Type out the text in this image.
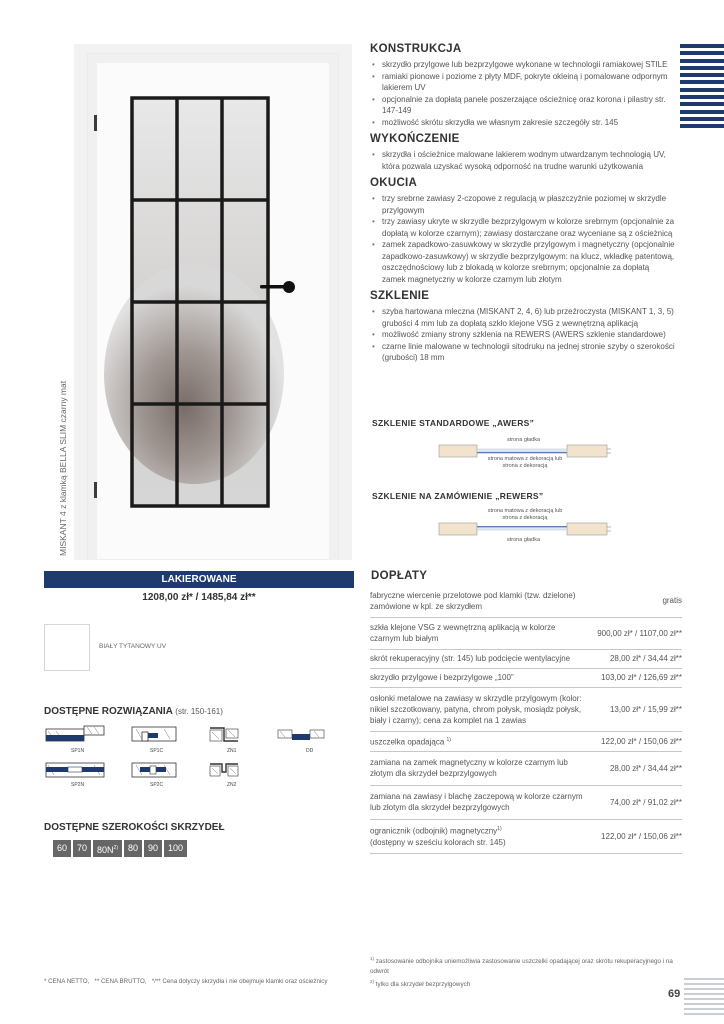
MISKANT 4 z klamką BELLA SLIM czarny mat
KONSTRUKCJA
• skrzydło przylgowe lub bezprzylgowe wykonane w technologii ramiakowej STILE
• ramiaki pionowe i poziome z płyty MDF, pokryte okleiną i pomalowane odpornym lakierem UV
• opcjonalnie za dopłatą panele poszerzające ościeżnicę oraz korona i pilastry str. 147-149
• możliwość skrótu skrzydła we własnym zakresie szczegóły str. 145
WYKOŃCZENIE
• skrzydła i ościeżnice malowane lakierem wodnym utwardzanym technologią UV, która pozwala uzyskać wysoką odporność na trudne warunki użytkowania
OKUCIA
• trzy srebrne zawiasy 2-czopowe z regulacją w płaszczyźnie poziomej w skrzydle przylgowym
• trzy zawiasy ukryte w skrzydle bezprzylgowym w kolorze srebrnym (opcjonalnie za dopłatą w kolorze czarnym); zawiasy dostarczane oraz wyceniane są z ościeżnicą
• zamek zapadkowo-zasuwkowy w skrzydle przylgowym i magnetyczny (opcjonalnie zapadkowo-zasuwkowy) w skrzydle bezprzylgowym: na klucz, wkładkę patentową, oszczędnościowy lub z blokadą w kolorze srebrnym; opcjonalnie za dopłatą zamek magnetyczny w kolorze czarnym lub złotym
SZKLENIE
• szyba hartowana mleczna (MISKANT 2, 4, 6) lub przeźroczysta (MISKANT 1, 3, 5) grubości 4 mm lub za dopłatą szkło klejone VSG z wewnętrzną aplikacją
• możliwość zmiany strony szklenia na REWERS (AWERS szklenie standardowe)
• czarne linie malowane w technologii sitodruku na jednej stronie szyby o szerokości (grubości) 18 mm
SZKLENIE STANDARDOWE „AWERS”
strona gładka
strona matowa z dekoracją lub strona z dekoracją
SZKLENIE NA ZAMÓWIENIE „REWERS”
strona matowa z dekoracją lub strona z dekoracją
strona gładka
LAKIEROWANE
1208,00 zł* / 1485,84 zł**
BIAŁY TYTANOWY UV
DOSTĘPNE ROZWIĄZANIA (str. 150-161)
SP1N	SP1C	ZN1	DD
SP2N	SP2C	ZN2
DOSTĘPNE SZEROKOŚCI SKRZYDEŁ
60	70	$80N^{2)}$	80	90	100
DOPŁATY
fabryczne wiercenie przelotowe pod klamki (tzw. dzielone) zamówione w kpl. ze skrzydłem	gratis
szkła klejone VSG z wewnętrzną aplikacją w kolorze czarnym lub białym	900,00 zł* / 1107,00 zł**
skrót rekuperacyjny (str. 145) lub podcięcie wentylacyjne	28,00 zł* / 34,44 zł**
skrzydło przylgowe i bezprzylgowe „100”	103,00 zł* / 126,69 zł**
osłonki metalowe na zawiasy w skrzydle przylgowym (kolor: nikiel szczotkowany, patyna, chrom połysk, mosiądz połysk, biały i czarny); cena za komplet na 1 zawias	13,00 zł* / 15,99 zł**
uszczelka opadająca $^{1)}$	122,00 zł* / 150,06 zł**
zamiana na zamek magnetyczny w kolorze czarnym lub złotym dla skrzydeł bezprzylgowych	28,00 zł* / 34,44 zł**
zamiana na zawiasy i blachę zaczepową w kolorze czarnym lub złotym dla skrzydeł bezprzylgowych	74,00 zł* / 91,02 zł**
ogranicznik (odbojnik) magnetyczny$^{1)}$
(dostępny w sześciu kolorach str. 145)	122,00 zł* / 150,06 zł**
$^{1)}$ zastosowanie odbojnika uniemożliwia zastosowanie uszczelki opadającej oraz skrótu rekuperacyjnego i na odwrót
$^{2)}$ tylko dla skrzydeł bezprzylgowych
* CENA NETTO,   ** CENA BRUTTO,   */** Cena dotyczy skrzydła i nie obejmuje klamki oraz ościeżnicy
69
